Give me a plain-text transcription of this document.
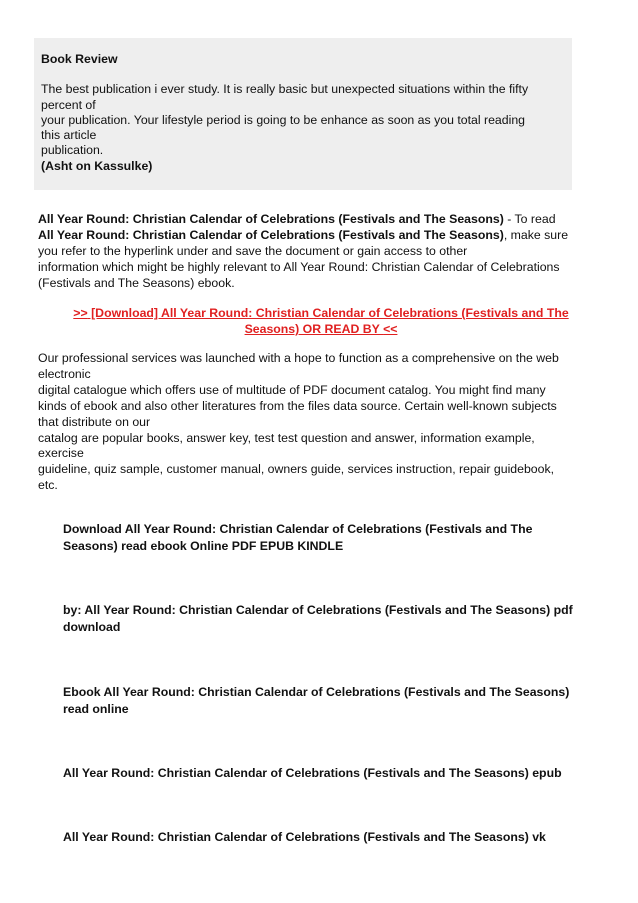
Book Review

The best publication i ever study. It is really basic but unexpected situations within the fifty

percent of

your publication. Your lifestyle period is going to be enhance as soon as you total reading

this article

publication.

(Asht on Kassulke)

All Year Round: Christian Calendar of Celebrations (Festivals and The Seasons) - To read

All Year Round: Christian Calendar of Celebrations (Festivals and The Seasons), make sure

you refer to the hyperlink under and save the document or gain access to other

information which might be highly relevant to All Year Round: Christian Calendar of Celebrations

(Festivals and The Seasons) ebook.

>> [Download] All Year Round: Christian Calendar of Celebrations (Festivals and The
Seasons) OR READ BY <<

Our professional services was launched with a hope to function as a comprehensive on the web

electronic

digital catalogue which offers use of multitude of PDF document catalog. You might find many

kinds of ebook and also other literatures from the files data source. Certain well-known subjects

that distribute on our

catalog are popular books, answer key, test test question and answer, information example,

exercise

guideline, quiz sample, customer manual, owners guide, services instruction, repair guidebook,

etc.

Download All Year Round: Christian Calendar of Celebrations (Festivals and The
Seasons) read ebook Online PDF EPUB KINDLE
by: All Year Round: Christian Calendar of Celebrations (Festivals and The Seasons) pdf
download
Ebook All Year Round: Christian Calendar of Celebrations (Festivals and The Seasons)
read online
All Year Round: Christian Calendar of Celebrations (Festivals and The Seasons) epub
All Year Round: Christian Calendar of Celebrations (Festivals and The Seasons) vk
